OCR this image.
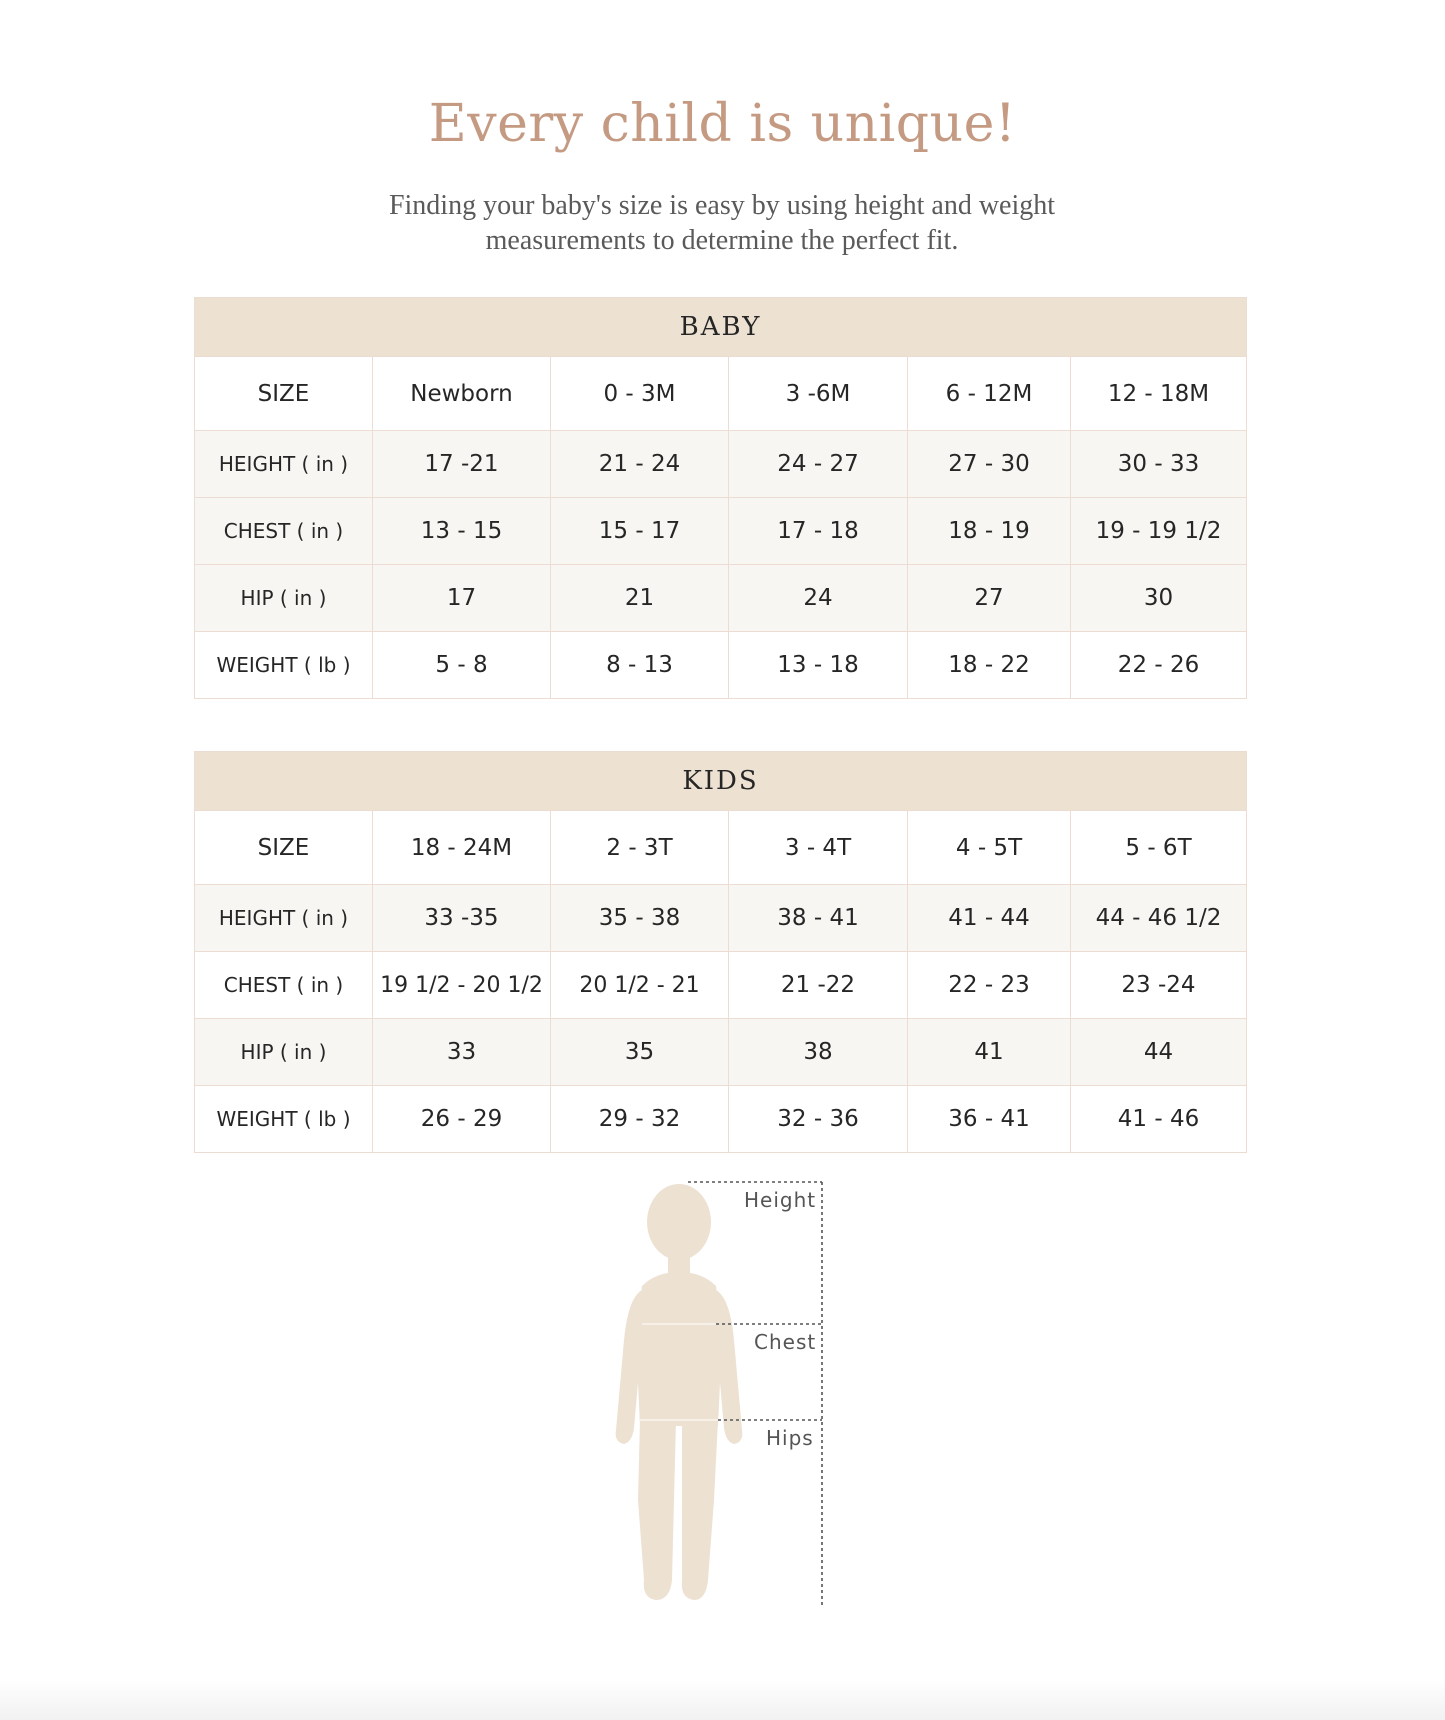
Every child is unique!

Finding your baby's size is easy by using height and weight measurements to determine the perfect fit.

BABY					
SIZE	Newborn	0 - 3M	3 -6M	6 - 12M	12 - 18M
HEIGHT ( in )	17 -21	21 - 24	24 - 27	27 - 30	30 - 33
CHEST ( in )	13 - 15	15 - 17	17 - 18	18 - 19	19 - 19 1/2
HIP ( in )	17	21	24	27	30
WEIGHT ( lb )	5 - 8	8 - 13	13 - 18	18 - 22	22 - 26
KIDS					
SIZE	18 - 24M	2 - 3T	3 - 4T	4 - 5T	5 - 6T
HEIGHT ( in )	33 -35	35 - 38	38 - 41	41 - 44	44 - 46 1/2
CHEST ( in )	19 1/2 - 20 1/2	20 1/2 - 21	21 -22	22 - 23	23 -24
HIP ( in )	33	35	38	41	44
WEIGHT ( lb )	26 - 29	29 - 32	32 - 36	36 - 41	41 - 46
Height
Chest
Hips
